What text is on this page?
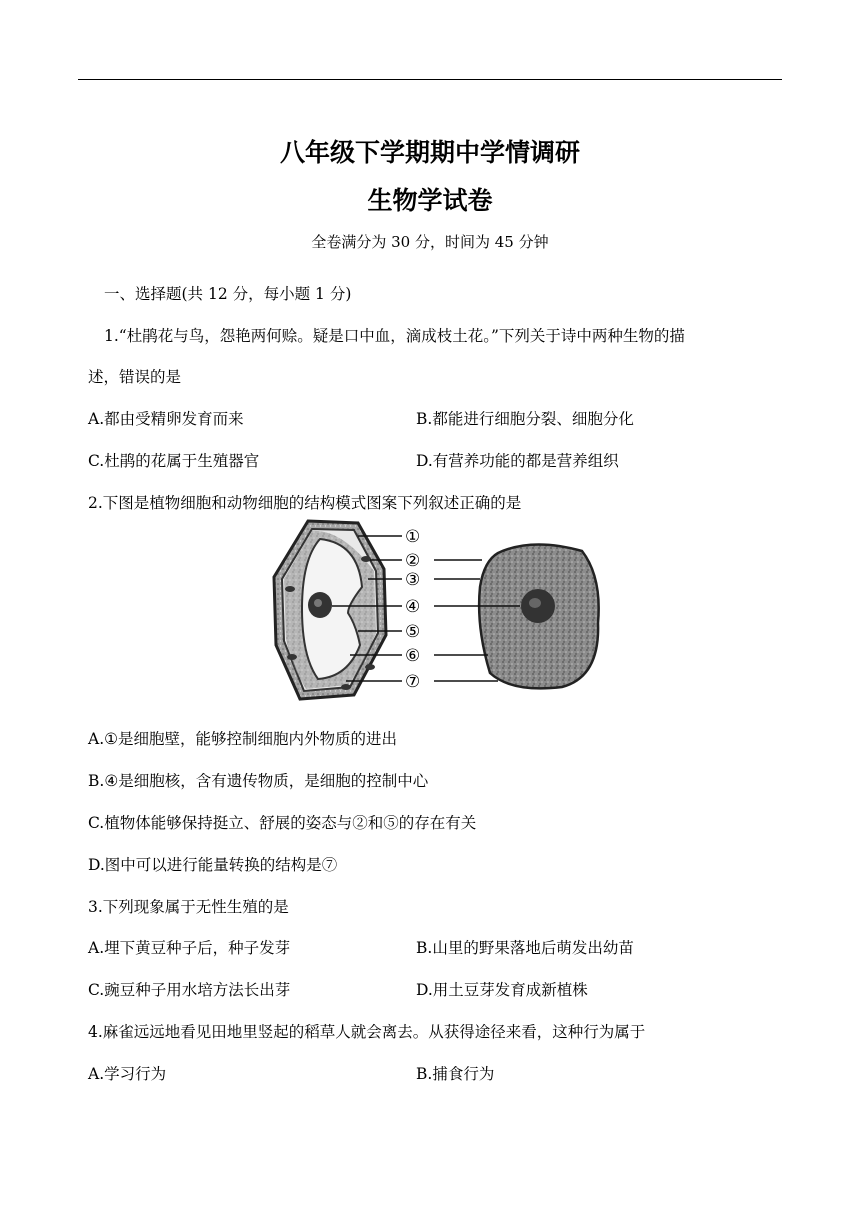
八年级下学期期中学情调研
生物学试卷
全卷满分为 30 分，时间为 45 分钟
一、选择题(共 12 分，每小题 1 分)
1.“杜鹃花与鸟，怨艳两何赊。疑是口中血，滴成枝土花。”下列关于诗中两种生物的描
述，错误的是
A.都由受精卵发育而来	B.都能进行细胞分裂、细胞分化
C.杜鹃的花属于生殖器官	D.有营养功能的都是营养组织
2.下图是植物细胞和动物细胞的结构模式图案下列叙述正确的是
①
②
③
④
⑤
⑥
⑦
A.①是细胞壁，能够控制细胞内外物质的进出
B.④是细胞核，含有遗传物质，是细胞的控制中心
C.植物体能够保持挺立、舒展的姿态与②和⑤的存在有关
D.图中可以进行能量转换的结构是⑦
3.下列现象属于无性生殖的是
A.埋下黄豆种子后，种子发芽	B.山里的野果落地后萌发出幼苗
C.豌豆种子用水培方法长出芽	D.用土豆芽发育成新植株
4.麻雀远远地看见田地里竖起的稻草人就会离去。从获得途径来看，这种行为属于
A.学习行为	B.捕食行为
